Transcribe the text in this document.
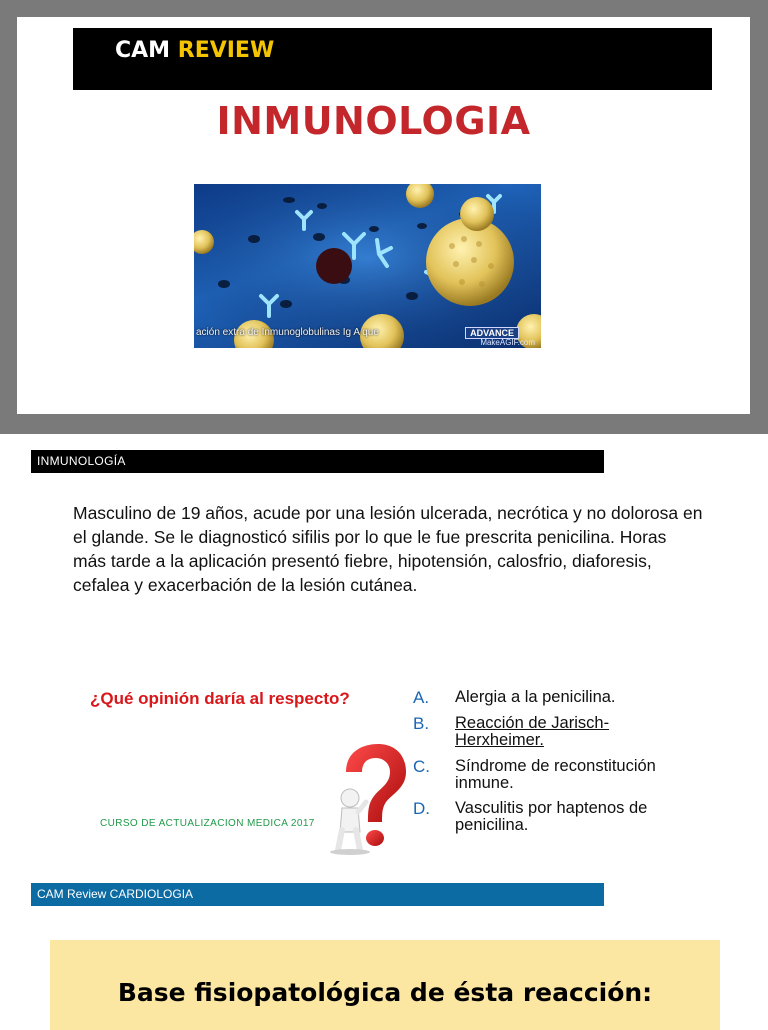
CAM REVIEW
INMUNOLOGIA
ación extra de Inmunoglobulinas Ig A que	ADVANCE
MakeAGIF.com
INMUNOLOGÍA
Masculino de 19 años, acude por una lesión ulcerada, necrótica y no dolorosa en el glande. Se le diagnosticó sifilis por lo que le fue prescrita penicilina. Horas más tarde a la aplicación presentó fiebre, hipotensión, calosfrio, diaforesis, cefalea y exacerbación de la lesión cutánea.
¿Qué opinión daría al respecto?	A. Alergia a la penicilina.
B. Reacción de Jarisch-Herxheimer.
C. Síndrome de reconstitución inmune.
D. Vasculitis por haptenos de penicilina.
CURSO DE ACTUALIZACION MEDICA 2017
CAM Review CARDIOLOGIA
Base fisiopatológica de ésta reacción:
